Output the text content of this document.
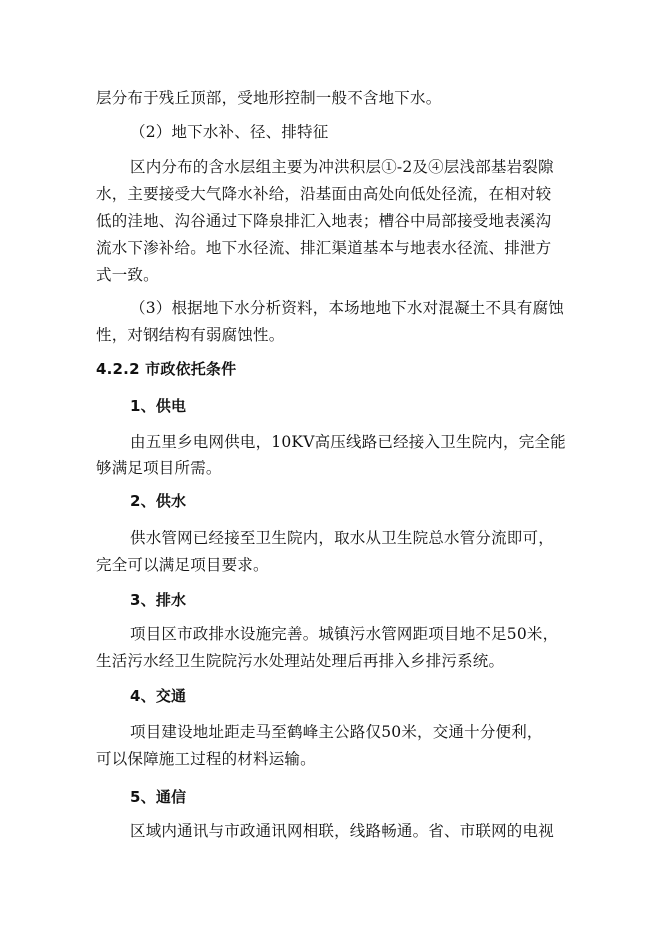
层分布于残丘顶部，受地形控制一般不含地下水。

（2）地下水补、径、排特征

区内分布的含水层组主要为冲洪积层①-2及④层浅部基岩裂隙

水，主要接受大气降水补给，沿基面由高处向低处径流，在相对较

低的洼地、沟谷通过下降泉排汇入地表；槽谷中局部接受地表溪沟

流水下渗补给。地下水径流、排汇渠道基本与地表水径流、排泄方

式一致。

（3）根据地下水分析资料，本场地地下水对混凝土不具有腐蚀

性，对钢结构有弱腐蚀性。

4.2.2 市政依托条件

1、供电

由五里乡电网供电，10KV高压线路已经接入卫生院内，完全能

够满足项目所需。

2、供水

供水管网已经接至卫生院内，取水从卫生院总水管分流即可，

完全可以满足项目要求。

3、排水

项目区市政排水设施完善。城镇污水管网距项目地不足50米，

生活污水经卫生院院污水处理站处理后再排入乡排污系统。

4、交通

项目建设地址距走马至鹤峰主公路仅50米，交通十分便利，

可以保障施工过程的材料运输。

5、通信

区域内通讯与市政通讯网相联，线路畅通。省、市联网的电视
